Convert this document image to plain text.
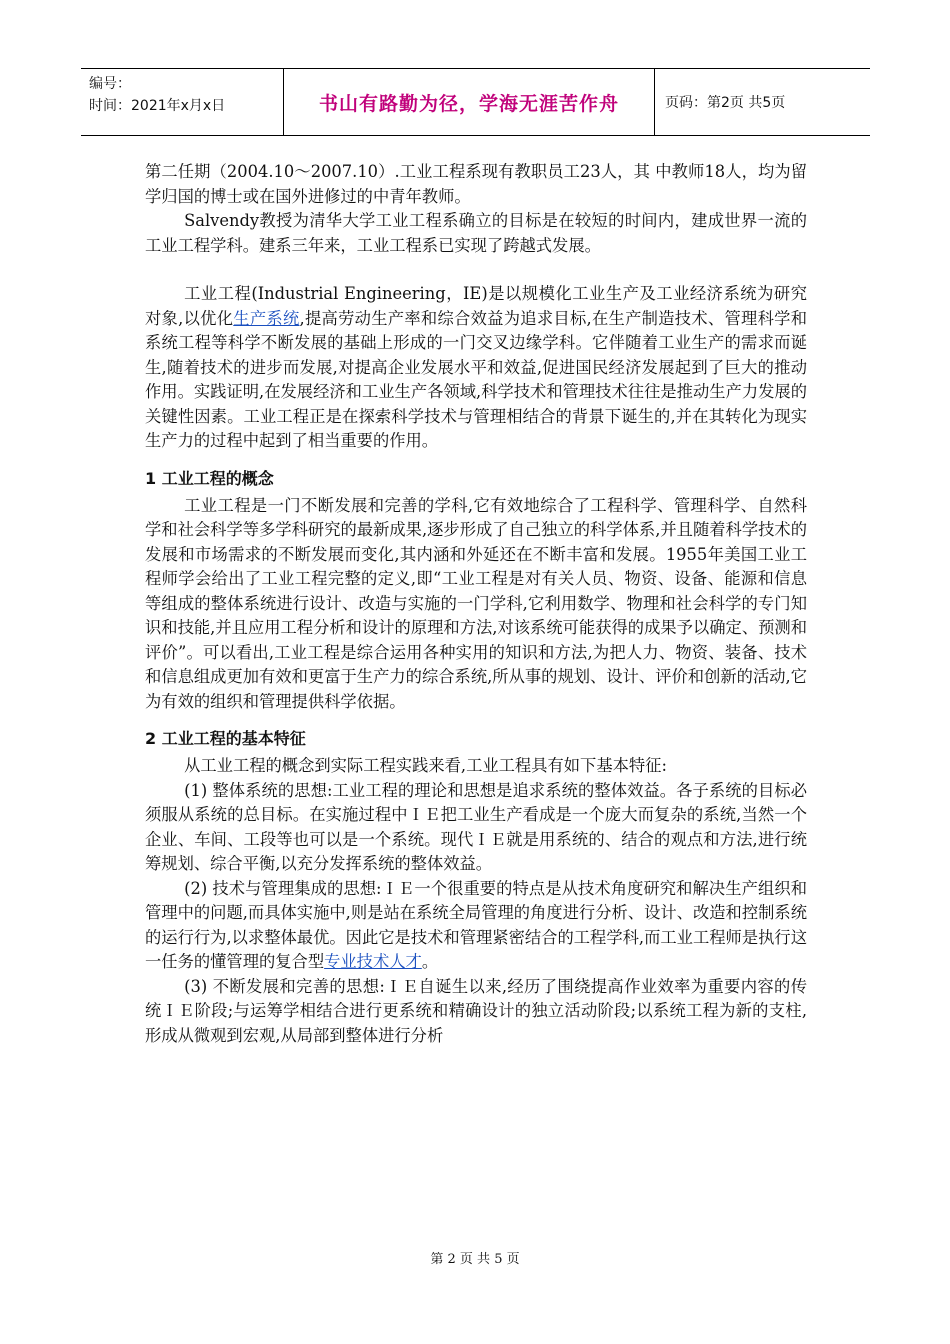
编号：
时间：2021年x月x日	书山有路勤为径，学海无涯苦作舟	页码：第2页 共5页

第二任期（2004.10～2007.10）.工业工程系现有教职员工23人，其 中教师18人，均为留学归国的博士或在国外进修过的中青年教师。

Salvendy教授为清华大学工业工程系确立的目标是在较短的时间内，建成世界一流的工业工程学科。建系三年来，工业工程系已实现了跨越式发展。

工业工程(Industrial Engineering，IE)是以规模化工业生产及工业经济系统为研究对象,以优化生产系统,提高劳动生产率和综合效益为追求目标,在生产制造技术、管理科学和系统工程等科学不断发展的基础上形成的一门交叉边缘学科。它伴随着工业生产的需求而诞生,随着技术的进步而发展,对提高企业发展水平和效益,促进国民经济发展起到了巨大的推动作用。实践证明,在发展经济和工业生产各领域,科学技术和管理技术往往是推动生产力发展的关键性因素。工业工程正是在探索科学技术与管理相结合的背景下诞生的,并在其转化为现实生产力的过程中起到了相当重要的作用。

1 工业工程的概念

工业工程是一门不断发展和完善的学科,它有效地综合了工程科学、管理科学、自然科学和社会科学等多学科研究的最新成果,逐步形成了自己独立的科学体系,并且随着科学技术的发展和市场需求的不断发展而变化,其内涵和外延还在不断丰富和发展。1955年美国工业工程师学会给出了工业工程完整的定义,即“工业工程是对有关人员、物资、设备、能源和信息等组成的整体系统进行设计、改造与实施的一门学科,它利用数学、物理和社会科学的专门知识和技能,并且应用工程分析和设计的原理和方法,对该系统可能获得的成果予以确定、预测和评价”。可以看出,工业工程是综合运用各种实用的知识和方法,为把人力、物资、装备、技术和信息组成更加有效和更富于生产力的综合系统,所从事的规划、设计、评价和创新的活动,它为有效的组织和管理提供科学依据。

2 工业工程的基本特征

从工业工程的概念到实际工程实践来看,工业工程具有如下基本特征:

(1) 整体系统的思想:工业工程的理论和思想是追求系统的整体效益。各子系统的目标必须服从系统的总目标。在实施过程中ＩＥ把工业生产看成是一个庞大而复杂的系统,当然一个企业、车间、工段等也可以是一个系统。现代ＩＥ就是用系统的、结合的观点和方法,进行统筹规划、综合平衡,以充分发挥系统的整体效益。

(2) 技术与管理集成的思想:ＩＥ一个很重要的特点是从技术角度研究和解决生产组织和管理中的问题,而具体实施中,则是站在系统全局管理的角度进行分析、设计、改造和控制系统的运行行为,以求整体最优。因此它是技术和管理紧密结合的工程学科,而工业工程师是执行这一任务的懂管理的复合型专业技术人才。

(3) 不断发展和完善的思想:ＩＥ自诞生以来,经历了围绕提高作业效率为重要内容的传统ＩＥ阶段;与运筹学相结合进行更系统和精确设计的独立活动阶段;以系统工程为新的支柱,形成从微观到宏观,从局部到整体进行分析

第 2 页 共 5 页
